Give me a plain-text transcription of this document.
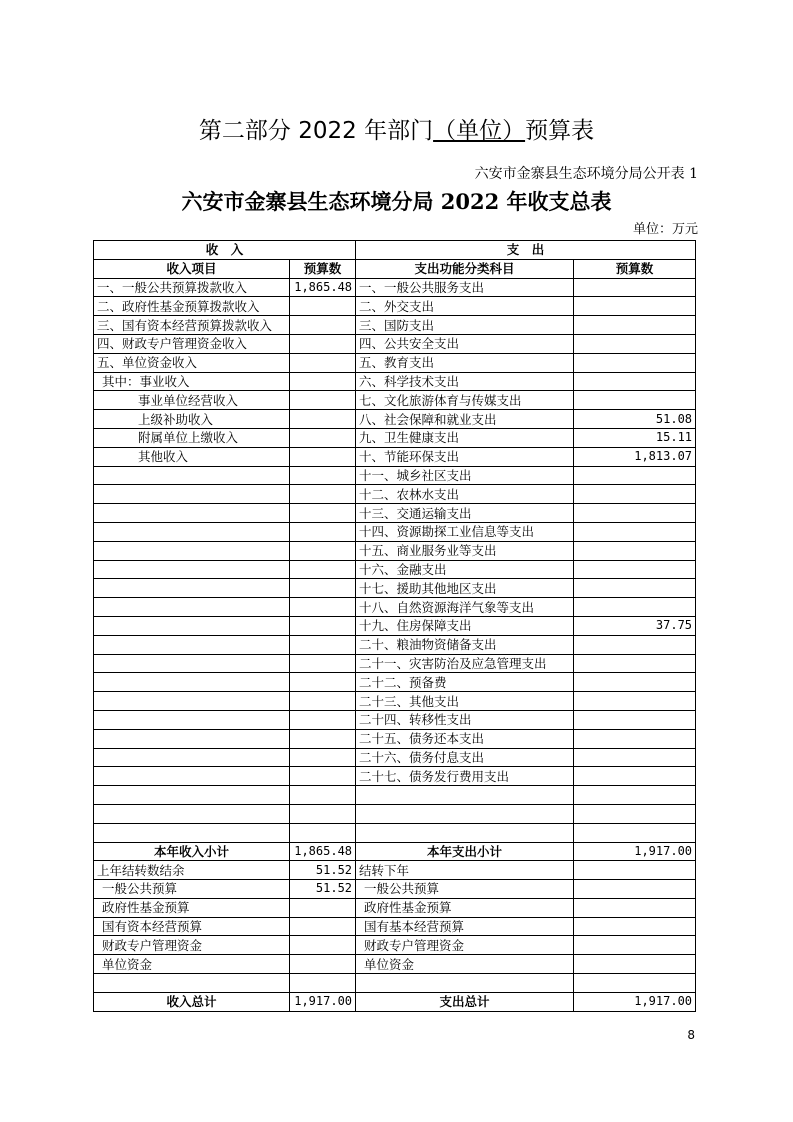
第二部分 2022 年部门（单位）预算表
六安市金寨县生态环境分局公开表 1
六安市金寨县生态环境分局 2022 年收支总表
单位：万元
收　入		支　出	
收入项目	预算数	支出功能分类科目	预算数
一、一般公共预算拨款收入	1,865.48	一、一般公共服务支出	
二、政府性基金预算拨款收入		二、外交支出	
三、国有资本经营预算拨款收入		三、国防支出	
四、财政专户管理资金收入		四、公共安全支出	
五、单位资金收入		五、教育支出	
其中：事业收入		六、科学技术支出	
事业单位经营收入		七、文化旅游体育与传媒支出	
上级补助收入		八、社会保障和就业支出	51.08
附属单位上缴收入		九、卫生健康支出	15.11
其他收入		十、节能环保支出	1,813.07
		十一、城乡社区支出	
		十二、农林水支出	
		十三、交通运输支出	
		十四、资源勘探工业信息等支出	
		十五、商业服务业等支出	
		十六、金融支出	
		十七、援助其他地区支出	
		十八、自然资源海洋气象等支出	
		十九、住房保障支出	37.75
		二十、粮油物资储备支出	
		二十一、灾害防治及应急管理支出	
		二十二、预备费	
		二十三、其他支出	
		二十四、转移性支出	
		二十五、债务还本支出	
		二十六、债务付息支出	
		二十七、债务发行费用支出	

本年收入小计	1,865.48	本年支出小计	1,917.00
上年结转数结余	51.52	结转下年	
一般公共预算	51.52	一般公共预算	
政府性基金预算		政府性基金预算	
国有资本经营预算		国有基本经营预算	
财政专户管理资金		财政专户管理资金	
单位资金		单位资金	

收入总计	1,917.00	支出总计	1,917.00
8
